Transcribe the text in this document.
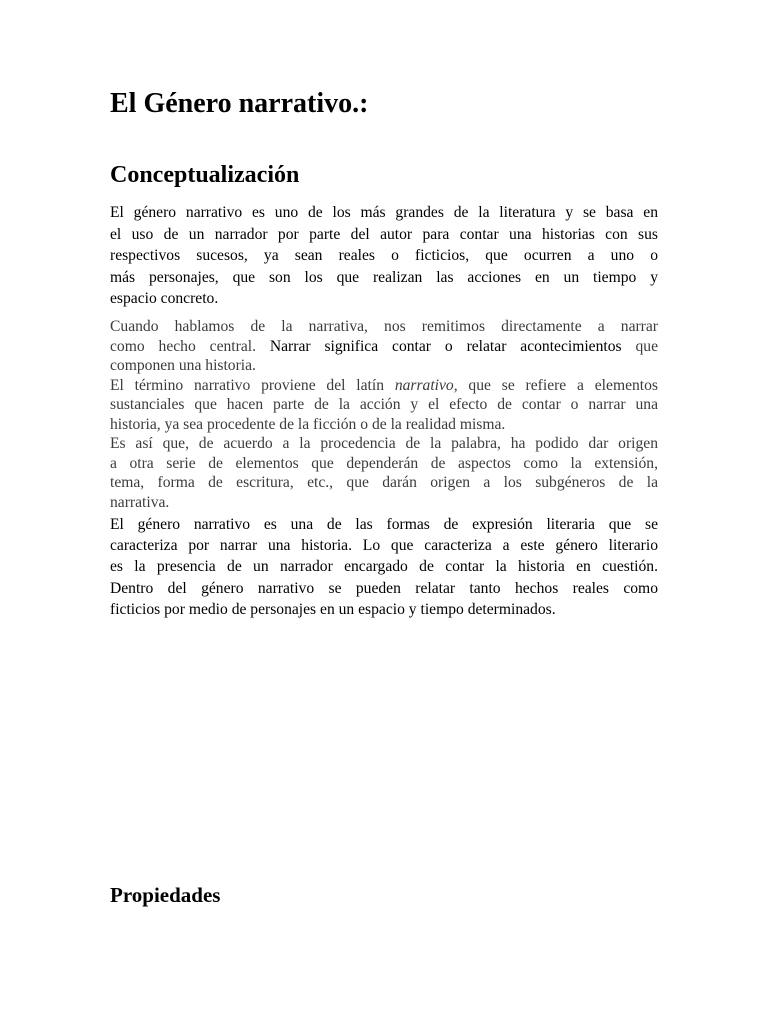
El Género narrativo.:
Conceptualización
El género narrativo es uno de los más grandes de la literatura y se basa en
el uso de un narrador por parte del autor para contar una historias con sus
respectivos sucesos, ya sean reales o ficticios, que ocurren a uno o
más personajes, que son los que realizan las acciones en un tiempo y
espacio concreto.
Cuando hablamos de la narrativa, nos remitimos directamente a narrar
como hecho central. Narrar significa contar o relatar acontecimientos que
componen una historia.
El término narrativo proviene del latín narrativo, que se refiere a elementos
sustanciales que hacen parte de la acción y el efecto de contar o narrar una
historia, ya sea procedente de la ficción o de la realidad misma.
Es así que, de acuerdo a la procedencia de la palabra, ha podido dar origen
a otra serie de elementos que dependerán de aspectos como la extensión,
tema, forma de escritura, etc., que darán origen a los subgéneros de la
narrativa.
El género narrativo es una de las formas de expresión literaria que se
caracteriza por narrar una historia. Lo que caracteriza a este género literario
es la presencia de un narrador encargado de contar la historia en cuestión.
Dentro del género narrativo se pueden relatar tanto hechos reales como
ficticios por medio de personajes en un espacio y tiempo determinados.
Propiedades
